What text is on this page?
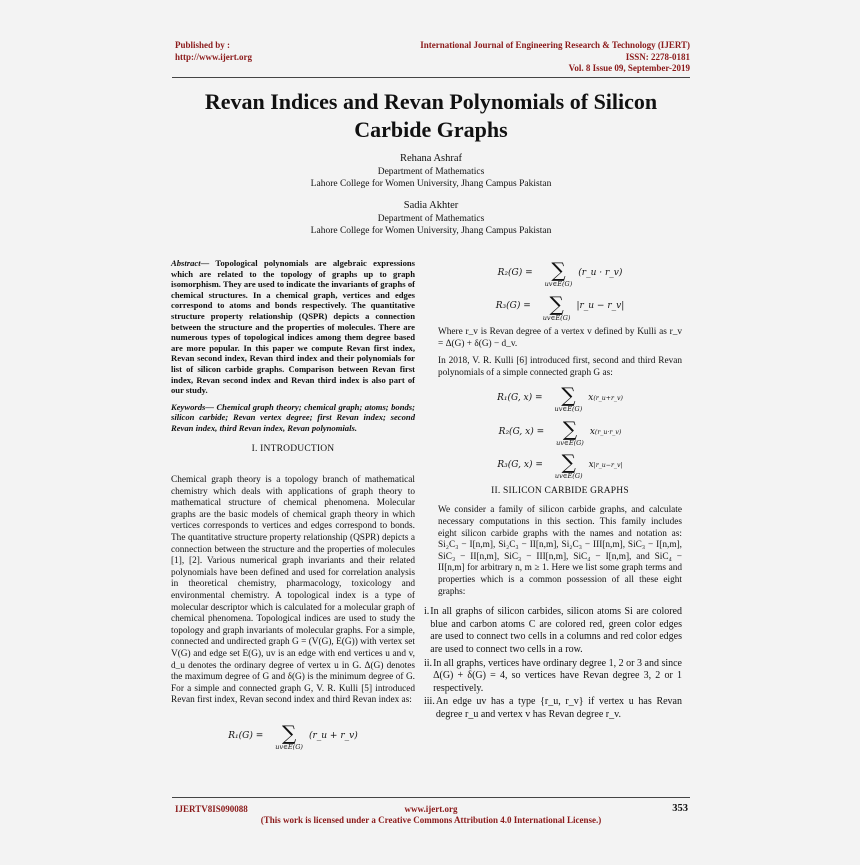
Published by :
http://www.ijert.org
International Journal of Engineering Research & Technology (IJERT)
ISSN: 2278-0181
Vol. 8 Issue 09, September-2019
Revan Indices and Revan Polynomials of Silicon
Carbide Graphs
Rehana Ashraf
Department of Mathematics
Lahore College for Women University, Jhang Campus Pakistan
Sadia Akhter
Department of Mathematics
Lahore College for Women University, Jhang Campus Pakistan

Abstract— Topological polynomials are algebraic expressions which are related to the topology of graphs up to graph isomorphism. They are used to indicate the invariants of graphs of chemical structures. In a chemical graph, vertices and edges correspond to atoms and bonds respectively. The quantitative structure property relationship (QSPR) depicts a connection between the structure and the properties of molecules. There are numerous types of topological indices among them degree based are more popular. In this paper we compute Revan first index, Revan second index, Revan third index and their polynomials for list of silicon carbide graphs. Comparison between Revan first index, Revan second index and Revan third index is also part of our study.

Keywords— Chemical graph theory; chemical graph; atoms; bonds; silicon carbide; Revan vertex degree; first Revan index; second Revan index, third Revan index, Revan polynomials.

I. INTRODUCTION

Chemical graph theory is a topology branch of mathematical chemistry which deals with applications of graph theory to mathematical structure of chemical phenomena. Molecular graphs are the basic models of chemical graph theory in which vertices corresponds to vertices and edges correspond to bonds. The quantitative structure property relationship (QSPR) depicts a connection between the structure and the properties of molecules [1], [2]. Various numerical graph invariants and their related polynomials have been defined and used for correlation analysis in theoretical chemistry, pharmacology, toxicology and environmental chemistry. A topological index is a type of molecular descriptor which is calculated for a molecular graph of chemical phenomena. Topological indices are used to study the topology and graph invariants of molecular graphs. For a simple, connected and undirected graph G = (V(G), E(G)) with vertex set V(G) and edge set E(G), uv is an edge with end vertices u and v, d_u denotes the ordinary degree of vertex u in G. Δ(G) denotes the maximum degree of G and δ(G) is the minimum degree of G. For a simple and connected graph G, V. R. Kulli [5] introduced Revan first index, Revan second index and third Revan index as:

R₁(G) = ∑
uv∈E(G)
(r_u + r_v)
R₂(G) = ∑
uv∈E(G)
(r_u · r_v)
R₃(G) = ∑
uv∈E(G)
|r_u − r_v|

Where r_v is Revan degree of a vertex v defined by Kulli as r_v = Δ(G) + δ(G) − d_v.

In 2018, V. R. Kulli [6] introduced first, second and third Revan polynomials of a simple connected graph G as:

R₁(G, x) = ∑
uv∈E(G)
x (r_u+r_v)
R₂(G, x) = ∑
uv∈E(G)
x (r_u·r_v)
R₃(G, x) = ∑
uv∈E(G)
x |r_u−r_v|
II. SILICON CARBIDE GRAPHS

We consider a family of silicon carbide graphs, and calculate necessary computations in this section. This family includes eight silicon carbide graphs with the names and notation as: Si₂C₃ − I[n,m], Si₂C₃ − II[n,m], Si₂C₃ − III[n,m], SiC₃ − I[n,m], SiC₃ − II[n,m], SiC₃ − III[n,m], SiC₄ − I[n,m], and SiC₄ − II[n,m] for arbitrary n, m ≥ 1. Here we list some graph terms and properties which is a common possession of all these eight graphs:

i. In all graphs of silicon carbides, silicon atoms Si are colored blue and carbon atoms C are colored red, green color edges are used to connect two cells in a columns and red color edges are used to connect two cells in a row.
ii. In all graphs, vertices have ordinary degree 1, 2 or 3 and since Δ(G) + δ(G) = 4, so vertices have Revan degree 3, 2 or 1 respectively.
iii. An edge uv has a type {r_u, r_v} if vertex u has Revan degree r_u and vertex v has Revan degree r_v.
IJERTV8IS090088	www.ijert.org	353
(This work is licensed under a Creative Commons Attribution 4.0 International License.)
